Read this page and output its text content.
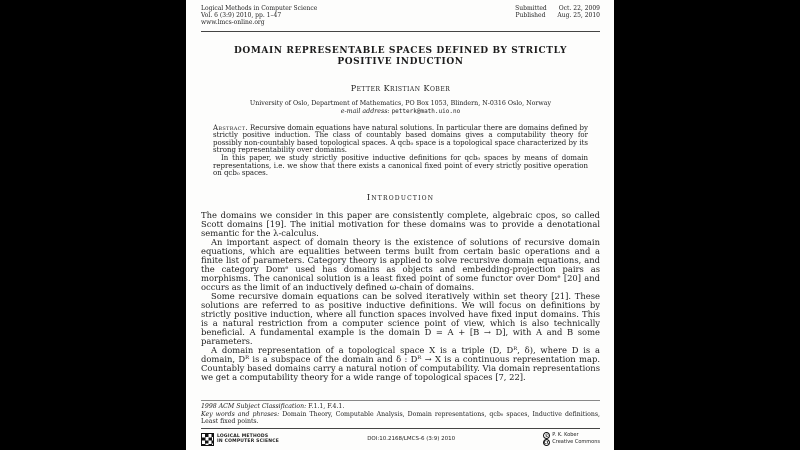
Logical Methods in Computer Science
Vol. 6 (3:9) 2010, pp. 1–47
www.lmcs-online.org
Submitted Oct. 22, 2009
Published Aug. 25, 2010
DOMAIN REPRESENTABLE SPACES DEFINED BY STRICTLY POSITIVE INDUCTION
Petter Kristian Kober
University of Oslo, Department of Mathematics, PO Box 1053, Blindern, N-0316 Oslo, Norway
e-mail address: petterk@math.uio.no

Abstract. Recursive domain equations have natural solutions. In particular there are domains defined by strictly positive induction. The class of countably based domains gives a computability theory for possibly non-countably based topological spaces. A qcb₀ space is a topological space characterized by its strong representability over domains.

In this paper, we study strictly positive inductive definitions for qcb₀ spaces by means of domain representations, i.e. we show that there exists a canonical fixed point of every strictly positive operation on qcb₀ spaces.

Introduction

The domains we consider in this paper are consistently complete, algebraic cpos, so called Scott domains [19]. The initial motivation for these domains was to provide a denotational semantic for the λ-calculus.

An important aspect of domain theory is the existence of solutions of recursive domain equations, which are equalities between terms built from certain basic operations and a finite list of parameters. Category theory is applied to solve recursive domain equations, and the category Domᵉ used has domains as objects and embedding-projection pairs as morphisms. The canonical solution is a least fixed point of some functor over Domᵉ [20] and occurs as the limit of an inductively defined ω-chain of domains.

Some recursive domain equations can be solved iteratively within set theory [21]. These solutions are referred to as positive inductive definitions. We will focus on definitions by strictly positive induction, where all function spaces involved have fixed input domains. This is a natural restriction from a computer science point of view, which is also technically beneficial. A fundamental example is the domain D = A + [B → D], with A and B some parameters.

A domain representation of a topological space X is a triple (D, Dᴿ, δ), where D is a domain, Dᴿ is a subspace of the domain and δ : Dᴿ → X is a continuous representation map. Countably based domains carry a natural notion of computability. Via domain representations we get a computability theory for a wide range of topological spaces [7, 22].

1998 ACM Subject Classification: F.1.1, F.4.1.

Key words and phrases: Domain Theory, Computable Analysis, Domain representations, qcb₀ spaces, Inductive definitions, Least fixed points.

LOGICAL METHODS
IN COMPUTER SCIENCE	DOI:10.2168/LMCS-6 (3:9) 2010
© P. K. Kober
CC Creative Commons
